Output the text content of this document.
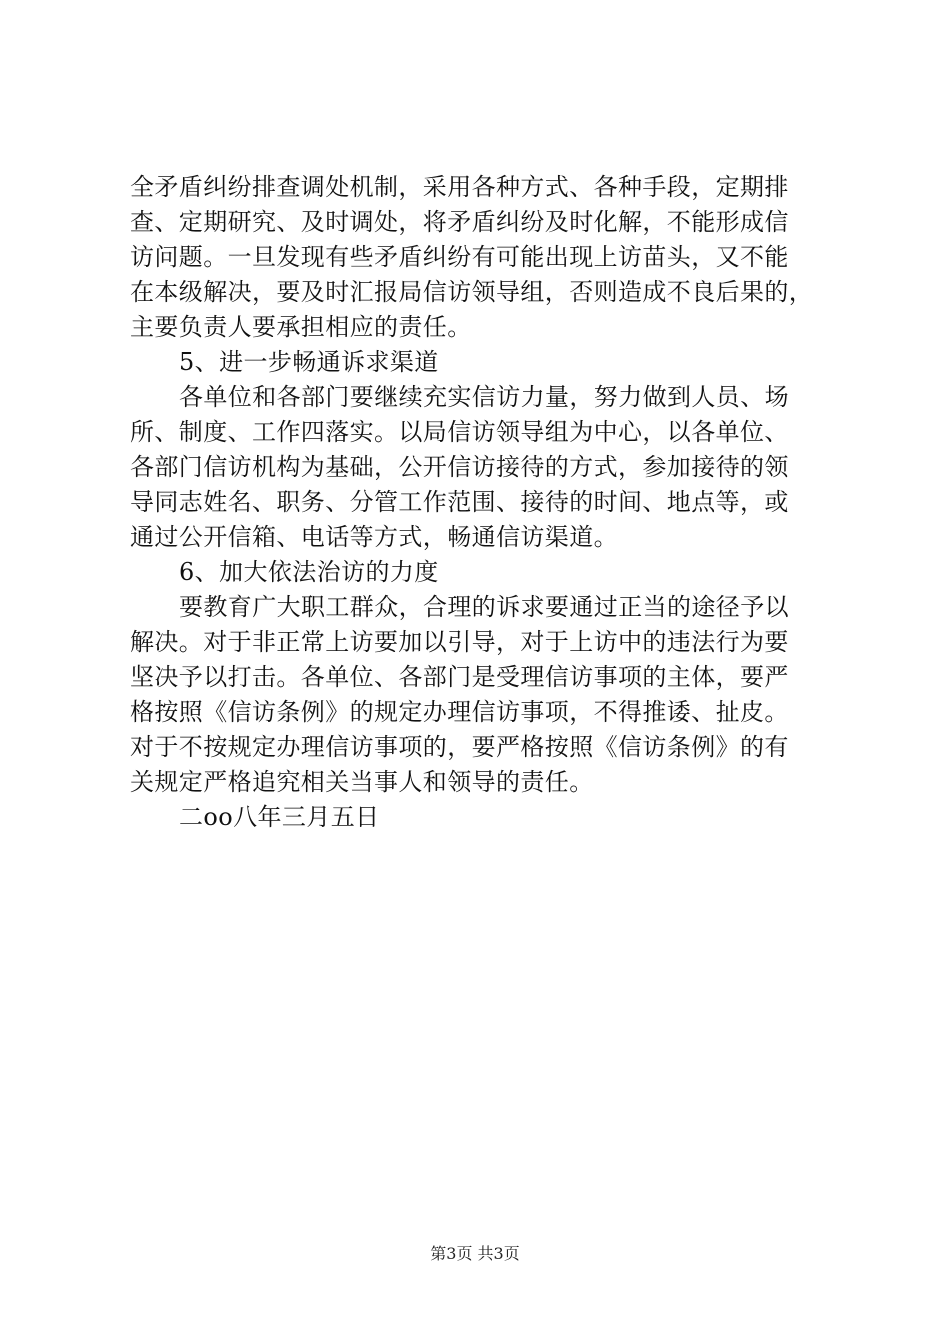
全矛盾纠纷排查调处机制，采用各种方式、各种手段，定期排
查、定期研究、及时调处，将矛盾纠纷及时化解，不能形成信
访问题。一旦发现有些矛盾纠纷有可能出现上访苗头，又不能
在本级解决，要及时汇报局信访领导组，否则造成不良后果的，
主要负责人要承担相应的责任。
5、进一步畅通诉求渠道
各单位和各部门要继续充实信访力量，努力做到人员、场
所、制度、工作四落实。以局信访领导组为中心，以各单位、
各部门信访机构为基础，公开信访接待的方式，参加接待的领
导同志姓名、职务、分管工作范围、接待的时间、地点等，或
通过公开信箱、电话等方式，畅通信访渠道。
6、加大依法治访的力度
要教育广大职工群众，合理的诉求要通过正当的途径予以
解决。对于非正常上访要加以引导，对于上访中的违法行为要
坚决予以打击。各单位、各部门是受理信访事项的主体，要严
格按照《信访条例》的规定办理信访事项，不得推诿、扯皮。
对于不按规定办理信访事项的，要严格按照《信访条例》的有
关规定严格追究相关当事人和领导的责任。
二oo八年三月五日
第3页 共3页
